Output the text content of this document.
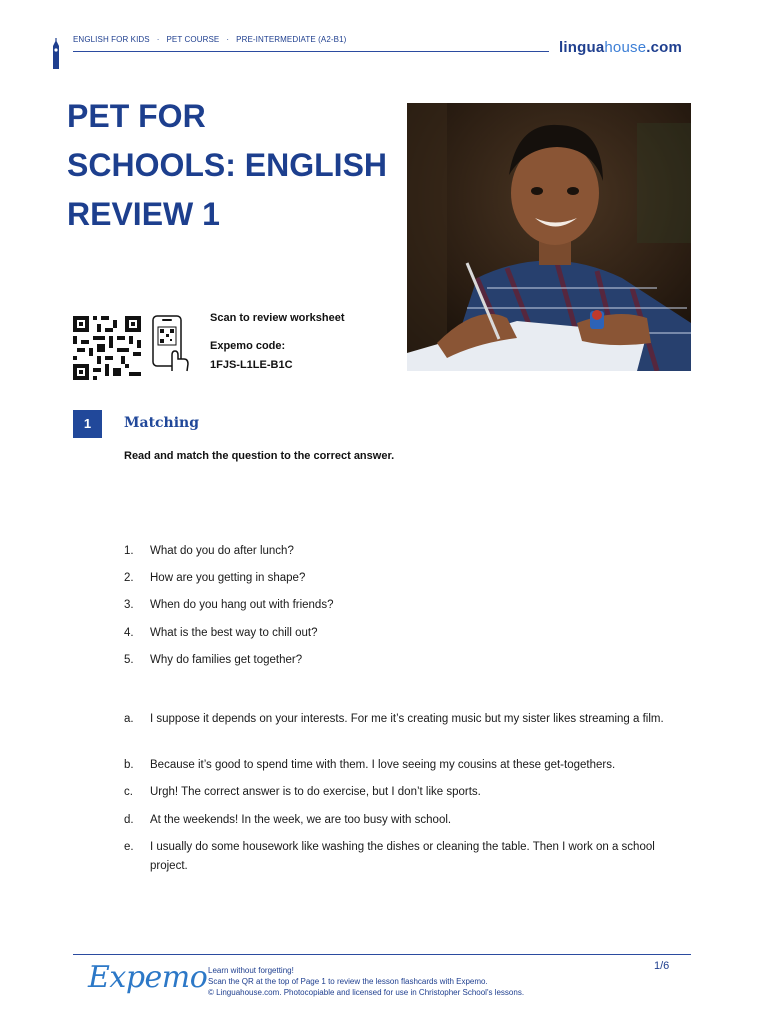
ENGLISH FOR KIDS · PET COURSE · PRE-INTERMEDIATE (A2-B1)	linguahouse.com
PET FOR
SCHOOLS: ENGLISH
REVIEW 1
Scan to review worksheet
Expemo code:
1FJS-L1LE-B1C
1	Matching
Read and match the question to the correct answer.
1.	What do you do after lunch?
2.	How are you getting in shape?
3.	When do you hang out with friends?
4.	What is the best way to chill out?
5.	Why do families get together?
a.	I suppose it depends on your interests. For me it’s creating music but my sister likes streaming a film.
b.	Because it’s good to spend time with them. I love seeing my cousins at these get-togethers.
c.	Urgh! The correct answer is to do exercise, but I don’t like sports.
d.	At the weekends! In the week, we are too busy with school.
e.	I usually do some housework like washing the dishes or cleaning the table. Then I work on a school project.
Expemo Learn without forgetting!
Scan the QR at the top of Page 1 to review the lesson flashcards with Expemo.
© Linguahouse.com. Photocopiable and licensed for use in Christopher School's lessons.
1/6
